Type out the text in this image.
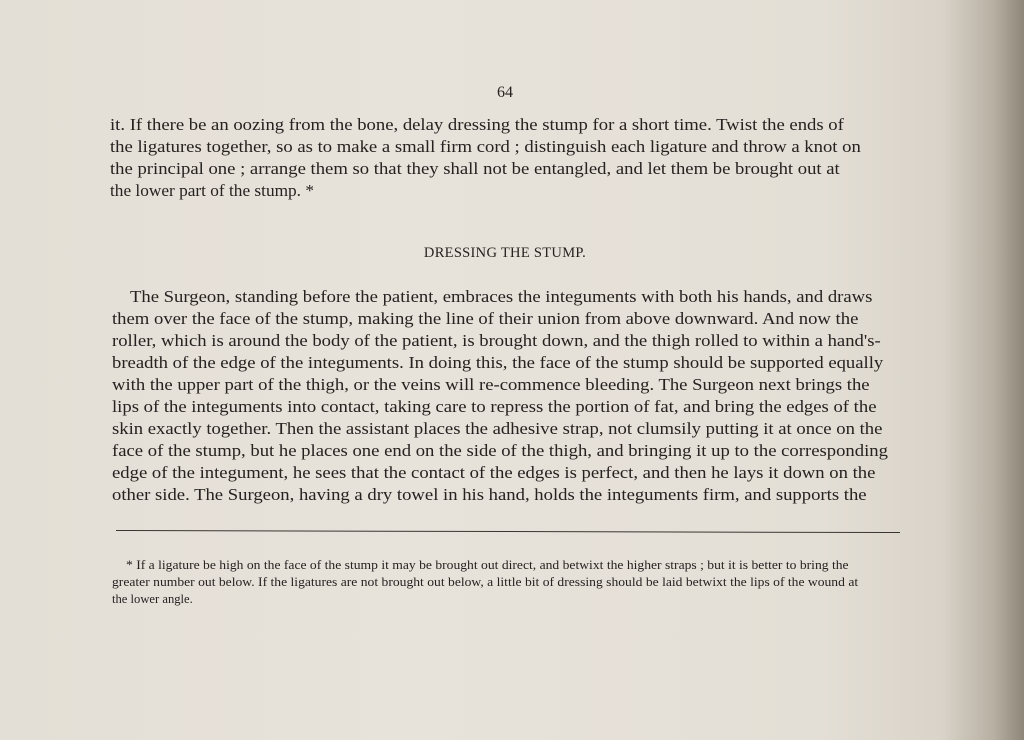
64
it. If there be an oozing from the bone, delay dressing the stump for a short time. Twist the ends of
the ligatures together, so as to make a small firm cord ; distinguish each ligature and throw a knot on
the principal one ; arrange them so that they shall not be entangled, and let them be brought out at
the lower part of the stump. *
DRESSING THE STUMP.
The Surgeon, standing before the patient, embraces the integuments with both his hands, and draws
them over the face of the stump, making the line of their union from above downward. And now the
roller, which is around the body of the patient, is brought down, and the thigh rolled to within a hand's-
breadth of the edge of the integuments. In doing this, the face of the stump should be supported equally
with the upper part of the thigh, or the veins will re-commence bleeding. The Surgeon next brings the
lips of the integuments into contact, taking care to repress the portion of fat, and bring the edges of the
skin exactly together. Then the assistant places the adhesive strap, not clumsily putting it at once on the
face of the stump, but he places one end on the side of the thigh, and bringing it up to the corresponding
edge of the integument, he sees that the contact of the edges is perfect, and then he lays it down on the
other side. The Surgeon, having a dry towel in his hand, holds the integuments firm, and supports the
* If a ligature be high on the face of the stump it may be brought out direct, and betwixt the higher straps ; but it is better to bring the
greater number out below. If the ligatures are not brought out below, a little bit of dressing should be laid betwixt the lips of the wound at
the lower angle.
